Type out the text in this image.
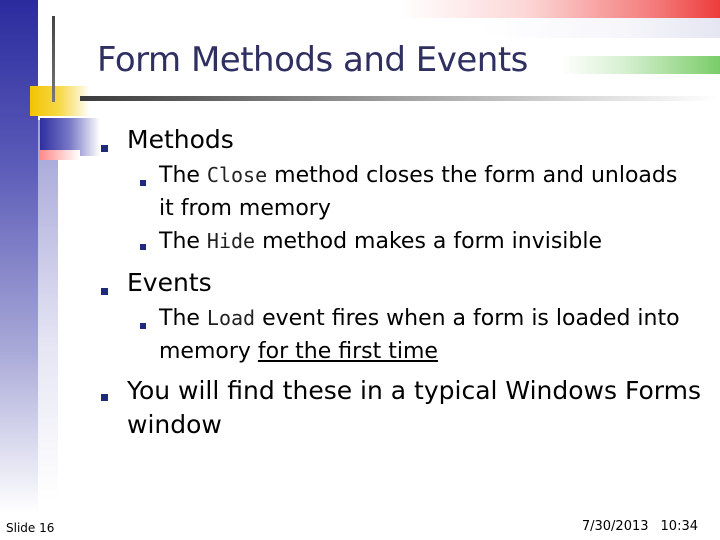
Form Methods and Events
Methods
The Close method closes the form and unloads
it from memory
The Hide method makes a form invisible
Events
The Load event fires when a form is loaded into
memory for the first time
You will find these in a typical Windows Forms
window
Slide 16	7/30/2013 10:34
